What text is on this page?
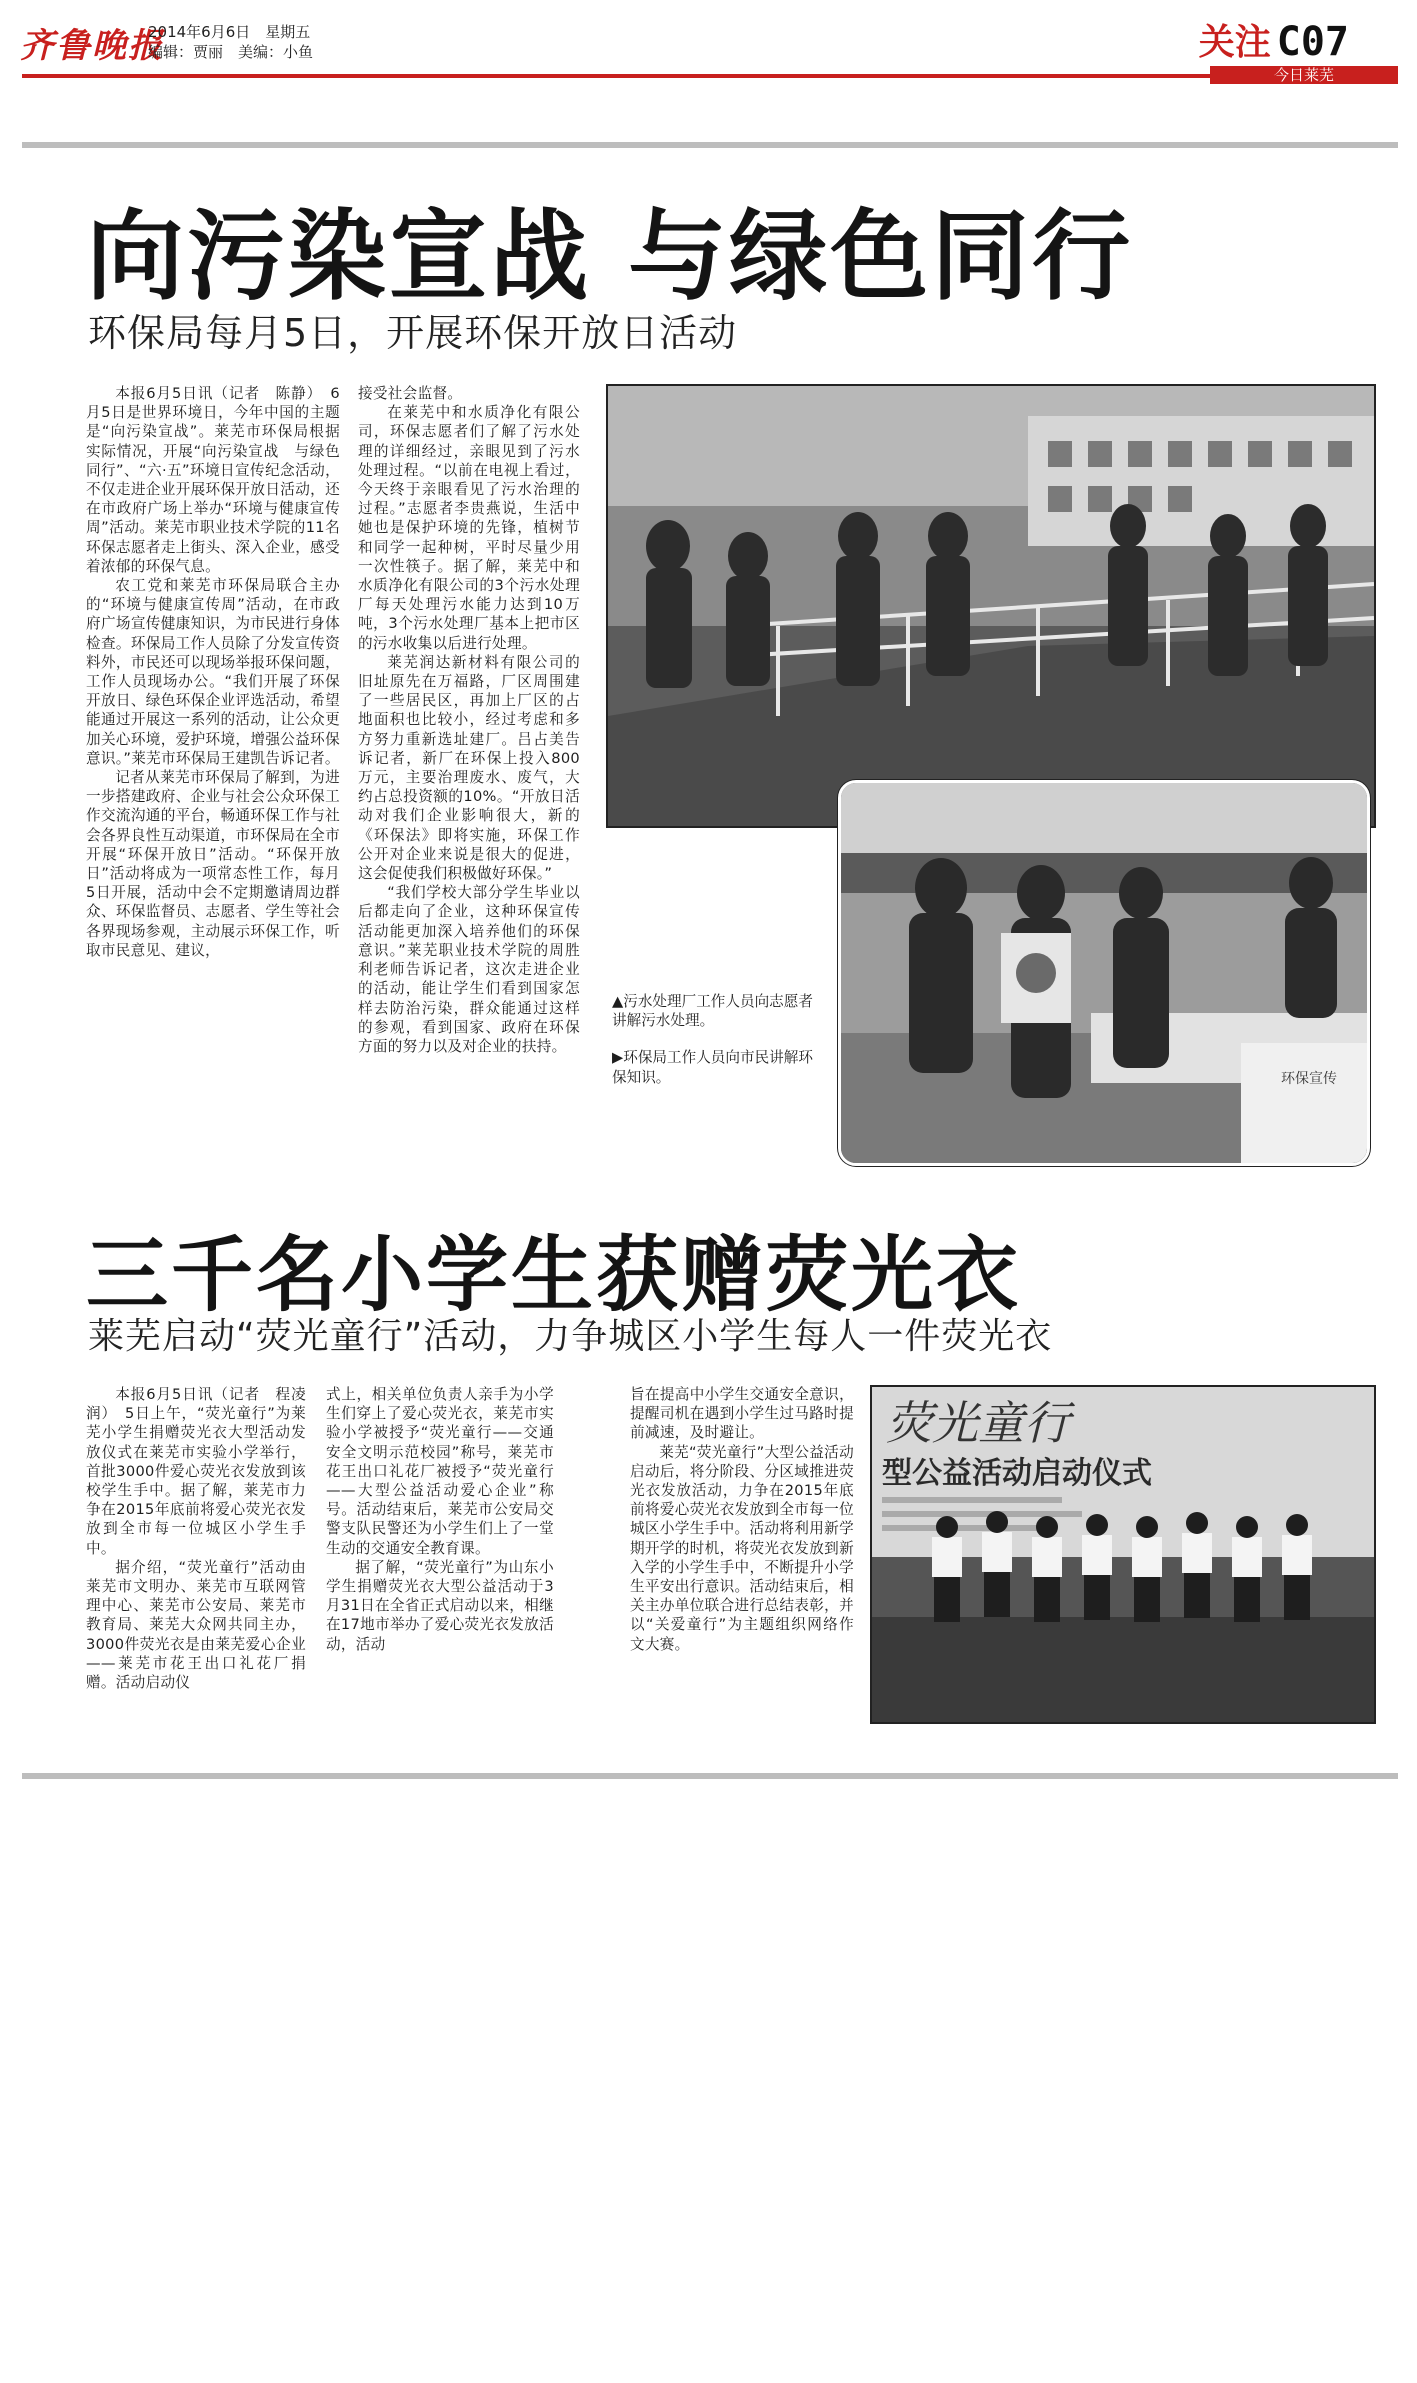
齐鲁晚报
2014年6月6日　星期五
编辑：贾丽　美编：小鱼	关注 C07
今日莱芜
向污染宣战 与绿色同行
环保局每月5日，开展环保开放日活动

本报6月5日讯（记者　陈静）　6月5日是世界环境日，今年中国的主题是“向污染宣战”。莱芜市环保局根据实际情况，开展“向污染宣战　与绿色同行”、“六·五”环境日宣传纪念活动，不仅走进企业开展环保开放日活动，还在市政府广场上举办“环境与健康宣传周”活动。莱芜市职业技术学院的11名环保志愿者走上街头、深入企业，感受着浓郁的环保气息。

农工党和莱芜市环保局联合主办的“环境与健康宣传周”活动，在市政府广场宣传健康知识，为市民进行身体检查。环保局工作人员除了分发宣传资料外，市民还可以现场举报环保问题，工作人员现场办公。“我们开展了环保开放日、绿色环保企业评选活动，希望能通过开展这一系列的活动，让公众更加关心环境，爱护环境，增强公益环保意识。”莱芜市环保局王建凯告诉记者。

记者从莱芜市环保局了解到，为进一步搭建政府、企业与社会公众环保工作交流沟通的平台，畅通环保工作与社会各界良性互动渠道，市环保局在全市开展“环保开放日”活动。“环保开放日”活动将成为一项常态性工作，每月5日开展，活动中会不定期邀请周边群众、环保监督员、志愿者、学生等社会各界现场参观，主动展示环保工作，听取市民意见、建议，

接受社会监督。

在莱芜中和水质净化有限公司，环保志愿者们了解了污水处理的详细经过，亲眼见到了污水处理过程。“以前在电视上看过，今天终于亲眼看见了污水治理的过程。”志愿者李贵燕说，生活中她也是保护环境的先锋，植树节和同学一起种树，平时尽量少用一次性筷子。据了解，莱芜中和水质净化有限公司的3个污水处理厂每天处理污水能力达到10万吨，3个污水处理厂基本上把市区的污水收集以后进行处理。

莱芜润达新材料有限公司的旧址原先在万福路，厂区周围建了一些居民区，再加上厂区的占地面积也比较小，经过考虑和多方努力重新选址建厂。吕占美告诉记者，新厂在环保上投入800万元，主要治理废水、废气，大约占总投资额的10%。“开放日活动对我们企业影响很大，新的《环保法》即将实施，环保工作公开对企业来说是很大的促进，这会促使我们积极做好环保。”

“我们学校大部分学生毕业以后都走向了企业，这种环保宣传活动能更加深入培养他们的环保意识。”莱芜职业技术学院的周胜利老师告诉记者，这次走进企业的活动，能让学生们看到国家怎样去防治污染，群众能通过这样的参观，看到国家、政府在环保方面的努力以及对企业的扶持。

环保宣传

▲污水处理厂工作人员向志愿者讲解污水处理。

▶环保局工作人员向市民讲解环保知识。

三千名小学生获赠荧光衣
莱芜启动“荧光童行”活动，力争城区小学生每人一件荧光衣

本报6月5日讯（记者　程凌润）　5日上午，“荧光童行”为莱芜小学生捐赠荧光衣大型活动发放仪式在莱芜市实验小学举行，首批3000件爱心荧光衣发放到该校学生手中。据了解，莱芜市力争在2015年底前将爱心荧光衣发放到全市每一位城区小学生手中。

据介绍，“荧光童行”活动由莱芜市文明办、莱芜市互联网管理中心、莱芜市公安局、莱芜市教育局、莱芜大众网共同主办，3000件荧光衣是由莱芜爱心企业——莱芜市花王出口礼花厂捐赠。活动启动仪

式上，相关单位负责人亲手为小学生们穿上了爱心荧光衣，莱芜市实验小学被授予“荧光童行——交通安全文明示范校园”称号，莱芜市花王出口礼花厂被授予“荧光童行——大型公益活动爱心企业”称号。活动结束后，莱芜市公安局交警支队民警还为小学生们上了一堂生动的交通安全教育课。

据了解，“荧光童行”为山东小学生捐赠荧光衣大型公益活动于3月31日在全省正式启动以来，相继在17地市举办了爱心荧光衣发放活动，活动

旨在提高中小学生交通安全意识，提醒司机在遇到小学生过马路时提前减速，及时避让。

莱芜“荧光童行”大型公益活动启动后，将分阶段、分区域推进荧光衣发放活动，力争在2015年底前将爱心荧光衣发放到全市每一位城区小学生手中。活动将利用新学期开学的时机，将荧光衣发放到新入学的小学生手中，不断提升小学生平安出行意识。活动结束后，相关主办单位联合进行总结表彰，并以“关爱童行”为主题组织网络作文大赛。

荧光童行
型公益活动启动仪式
